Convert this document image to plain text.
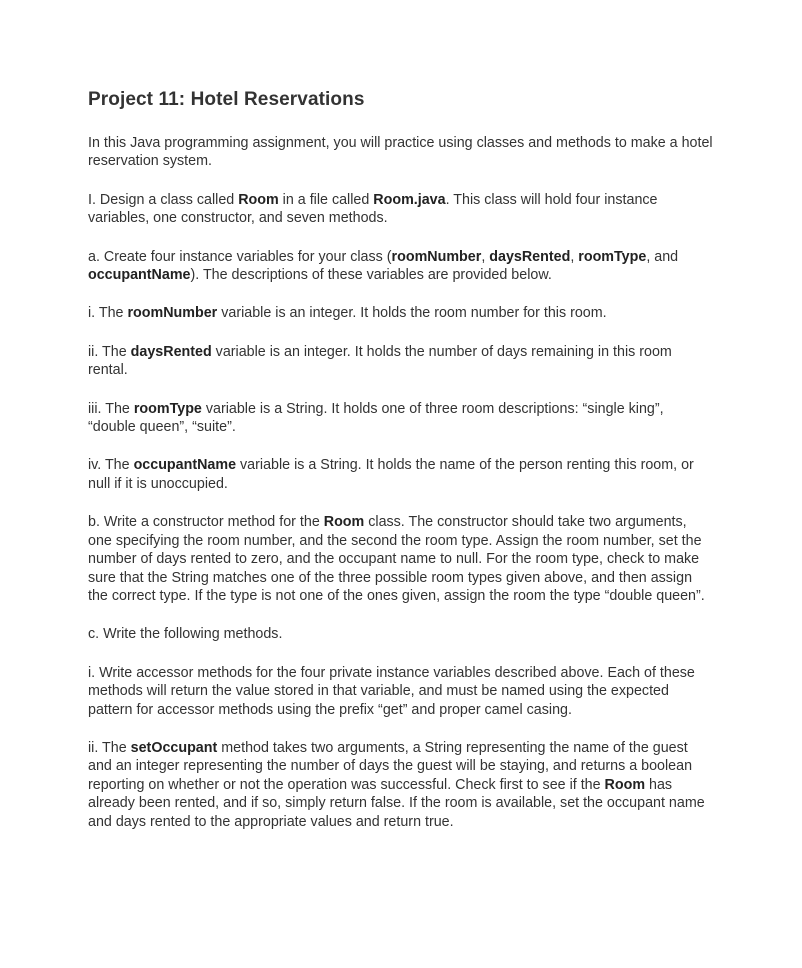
Project 11: Hotel Reservations

In this Java programming assignment, you will practice using classes and methods to make a hotel reservation system.

I. Design a class called Room in a file called Room.java. This class will hold four instance variables, one constructor, and seven methods.

a. Create four instance variables for your class (roomNumber, daysRented, roomType, and occupantName). The descriptions of these variables are provided below.

i. The roomNumber variable is an integer. It holds the room number for this room.

ii. The daysRented variable is an integer. It holds the number of days remaining in this room rental.

iii. The roomType variable is a String. It holds one of three room descriptions: “single king”, “double queen”, “suite”.

iv. The occupantName variable is a String. It holds the name of the person renting this room, or null if it is unoccupied.

b. Write a constructor method for the Room class. The constructor should take two arguments, one specifying the room number, and the second the room type. Assign the room number, set the number of days rented to zero, and the occupant name to null. For the room type, check to make sure that the String matches one of the three possible room types given above, and then assign the correct type. If the type is not one of the ones given, assign the room the type “double queen”.

c. Write the following methods.

i. Write accessor methods for the four private instance variables described above. Each of these methods will return the value stored in that variable, and must be named using the expected pattern for accessor methods using the prefix “get” and proper camel casing.

ii. The setOccupant method takes two arguments, a String representing the name of the guest and an integer representing the number of days the guest will be staying, and returns a boolean reporting on whether or not the operation was successful. Check first to see if the Room has already been rented, and if so, simply return false. If the room is available, set the occupant name and days rented to the appropriate values and return true.
